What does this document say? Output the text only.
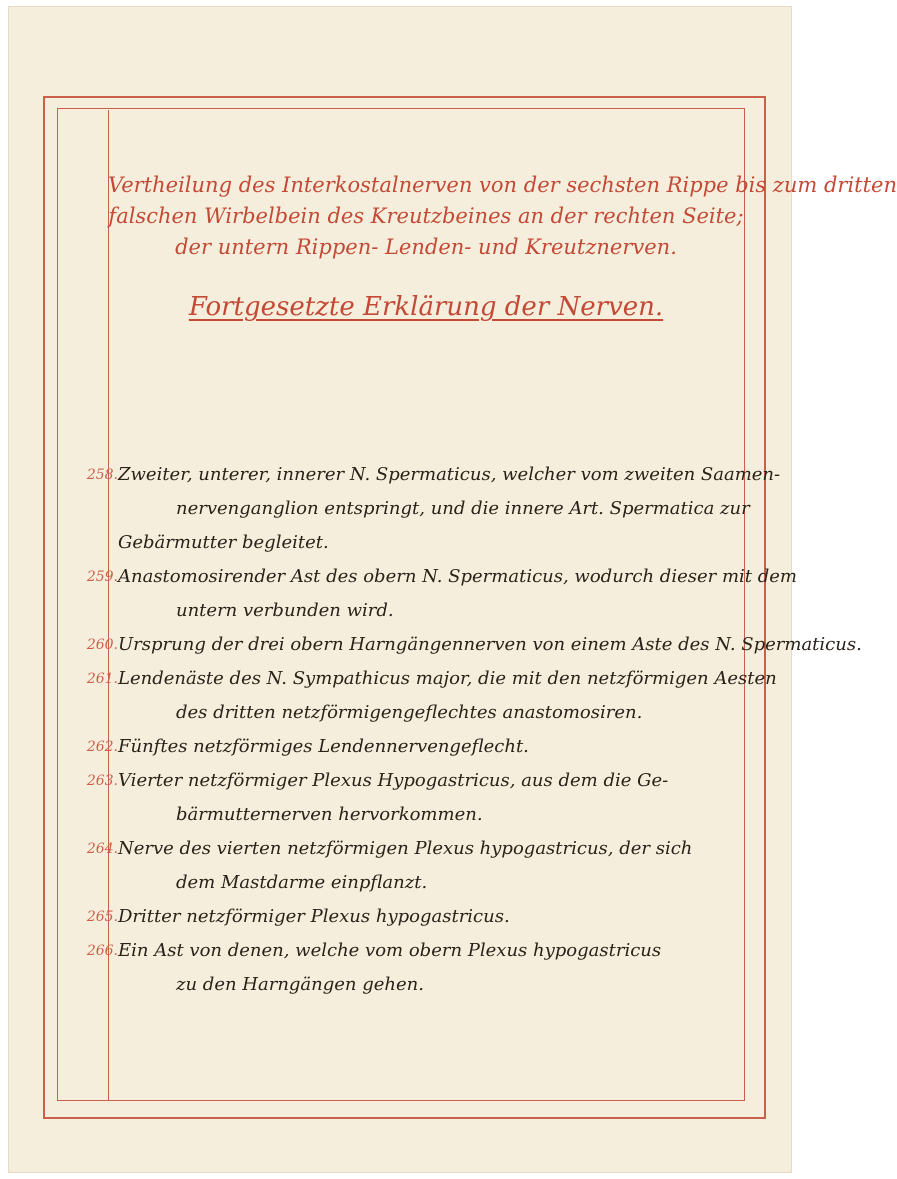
Vertheilung des Interkostalnerven von der sechsten Rippe bis zum dritten
falschen Wirbelbein des Kreutzbeines an der rechten Seite;
der untern Rippen- Lenden- und Kreutznerven.
Fortgesetzte Erklärung der Nerven.
258. Zweiter, unterer, innerer N. Spermaticus, welcher vom zweiten Saamen-
nervenganglion entspringt, und die innere Art. Spermatica zur
Gebärmutter begleitet.
259. Anastomosirender Ast des obern N. Spermaticus, wodurch dieser mit dem
untern verbunden wird.
260. Ursprung der drei obern Harngängennerven von einem Aste des N. Spermaticus.
261. Lendenäste des N. Sympathicus major, die mit den netzförmigen Aesten
des dritten netzförmigengeflechtes anastomosiren.
262. Fünftes netzförmiges Lendennervengeflecht.
263. Vierter netzförmiger Plexus Hypogastricus, aus dem die Ge-
bärmutternerven hervorkommen.
264. Nerve des vierten netzförmigen Plexus hypogastricus, der sich
dem Mastdarme einpflanzt.
265. Dritter netzförmiger Plexus hypogastricus.
266. Ein Ast von denen, welche vom obern Plexus hypogastricus
zu den Harngängen gehen.
